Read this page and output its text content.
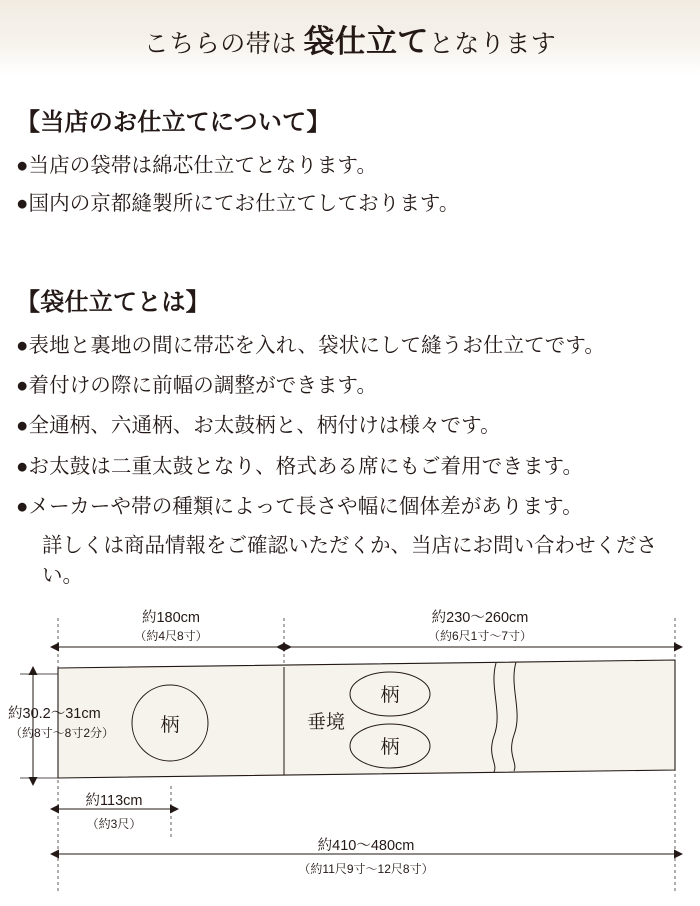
こちらの帯は 袋仕立てとなります
【当店のお仕立てについて】

●当店の袋帯は綿芯仕立てとなります。

●国内の京都縫製所にてお仕立てしております。

【袋仕立てとは】

●表地と裏地の間に帯芯を入れ、袋状にして縫うお仕立てです。

●着付けの際に前幅の調整ができます。

●全通柄、六通柄、お太鼓柄と、柄付けは様々です。

●お太鼓は二重太鼓となり、格式ある席にもご着用できます。

●メーカーや帯の種類によって長さや幅に個体差があります。

詳しくは商品情報をご確認いただくか、当店にお問い合わせください。

柄
柄
柄
垂境
約180cm
（約4尺8寸）
約230〜260cm
（約6尺1寸〜7寸）
約30.2〜31cm
（約8寸〜8寸2分）
約113cm
（約3尺）
約410〜480cm
（約11尺9寸〜12尺8寸）
